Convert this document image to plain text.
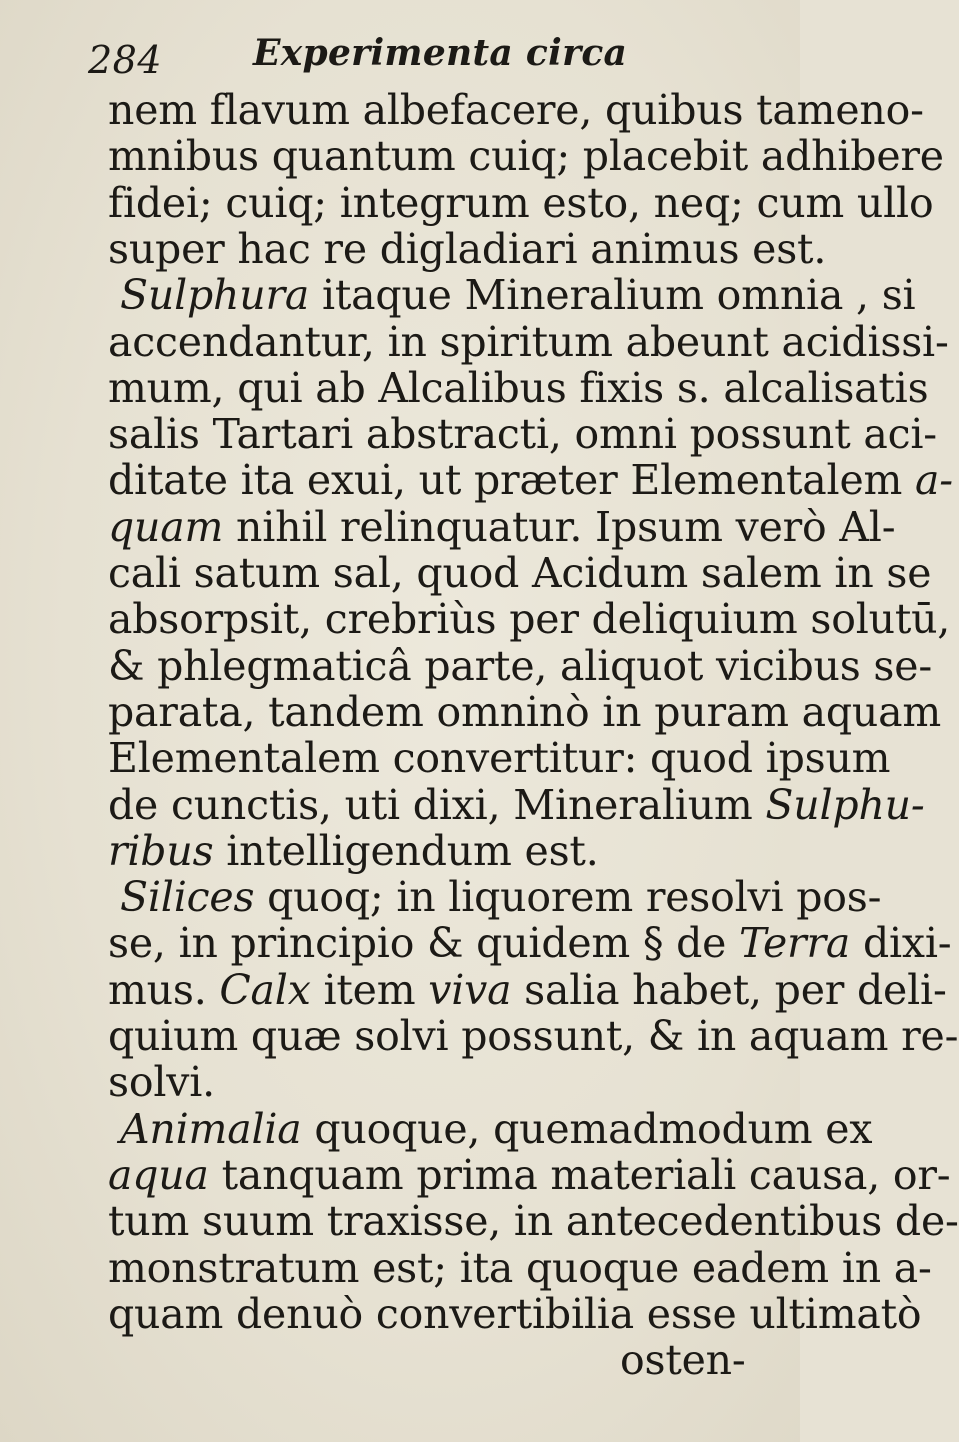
284	Experimenta circa
nem flavum albefacere, quibus tameno-
mnibus quantum cuiq; placebit adhibere
fidei; cuiq; integrum esto, neq; cum ullo
super hac re digladiari animus est.
Sulphura itaque Mineralium omnia , si
accendantur, in spiritum abeunt acidissi-
mum, qui ab Alcalibus fixis s. alcalisatis
salis Tartari abstracti, omni possunt aci-
ditate ita exui, ut præter Elementalem a-
quam nihil relinquatur. Ipsum verò Al-
cali satum sal, quod Acidum salem in se
absorpsit, crebriùs per deliquium solutū,
& phlegmaticâ parte, aliquot vicibus se-
parata, tandem omninò in puram aquam
Elementalem convertitur: quod ipsum
de cunctis, uti dixi, Mineralium Sulphu-
ribus intelligendum est.
Silices quoq; in liquorem resolvi pos-
se, in principio & quidem § de Terra dixi-
mus. Calx item viva salia habet, per deli-
quium quæ solvi possunt, & in aquam re-
solvi.
Animalia quoque, quemadmodum ex
aqua tanquam prima materiali causa, or-
tum suum traxisse, in antecedentibus de-
monstratum est; ita quoque eadem in a-
quam denuò convertibilia esse ultimatò
osten-
